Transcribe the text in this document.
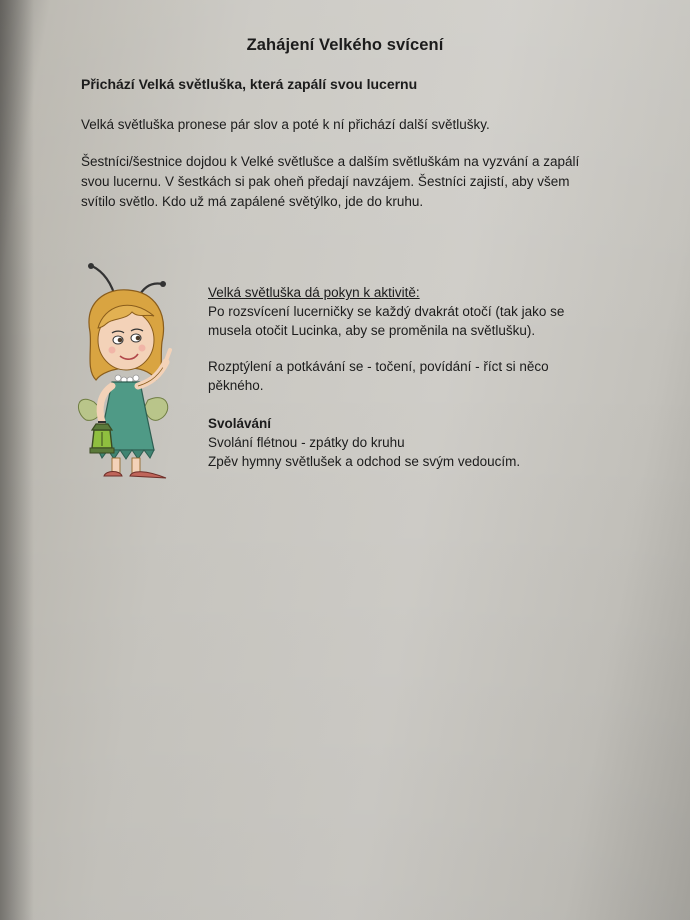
Zahájení Velkého svícení
Přichází Velká světluška, která zapálí svou lucernu

Velká světluška pronese pár slov a poté k ní přichází další světlušky.

Šestníci/šestnice dojdou k Velké světlušce a dalším světluškám na vyzvání a zapálí
svou lucernu. V šestkách si pak oheň předají navzájem. Šestníci zajistí, aby všem
svítilo světlo. Kdo už má zapálené světýlko, jde do kruhu.

Velká světluška dá pokyn k aktivitě:
Po rozsvícení lucerničky se každý dvakrát otočí (tak jako se
musela otočit Lucinka, aby se proměnila na světlušku).
Rozptýlení a potkávání se - točení, povídání - říct si něco
pěkného.
Svolávání
Svolání flétnou - zpátky do kruhu
Zpěv hymny světlušek a odchod se svým vedoucím.
